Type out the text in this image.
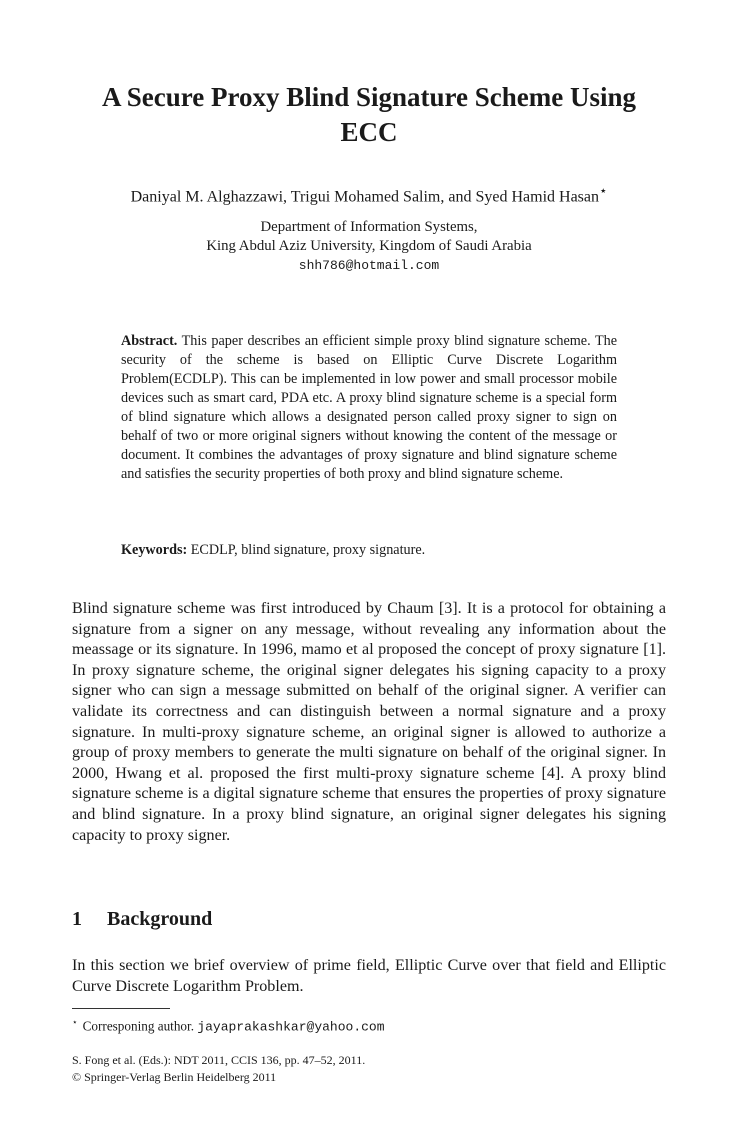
A Secure Proxy Blind Signature Scheme Using
ECC
Daniyal M. Alghazzawi, Trigui Mohamed Salim, and Syed Hamid Hasan⋆
Department of Information Systems,
King Abdul Aziz University, Kingdom of Saudi Arabia
shh786@hotmail.com
Abstract. This paper describes an efficient simple proxy blind signature scheme. The security of the scheme is based on Elliptic Curve Discrete Logarithm Problem(ECDLP). This can be implemented in low power and small processor mobile devices such as smart card, PDA etc. A proxy blind signature scheme is a special form of blind signature which allows a designated person called proxy signer to sign on behalf of two or more original signers without knowing the content of the message or document. It combines the advantages of proxy signature and blind signature scheme and satisfies the security properties of both proxy and blind signature scheme.
Keywords: ECDLP, blind signature, proxy signature.
Blind signature scheme was first introduced by Chaum [3]. It is a protocol for obtaining a signature from a signer on any message, without revealing any information about the meassage or its signature. In 1996, mamo et al proposed the concept of proxy signature [1]. In proxy signature scheme, the original signer delegates his signing capacity to a proxy signer who can sign a message submitted on behalf of the original signer. A verifier can validate its correctness and can distinguish between a normal signature and a proxy signature. In multi-proxy signature scheme, an original signer is allowed to authorize a group of proxy members to generate the multi signature on behalf of the original signer. In 2000, Hwang et al. proposed the first multi-proxy signature scheme [4]. A proxy blind signature scheme is a digital signature scheme that ensures the properties of proxy signature and blind signature. In a proxy blind signature, an original signer delegates his signing capacity to proxy signer.
1 Background
In this section we brief overview of prime field, Elliptic Curve over that field and Elliptic Curve Discrete Logarithm Problem.
⋆ Corresponing author. jayaprakashkar@yahoo.com
S. Fong et al. (Eds.): NDT 2011, CCIS 136, pp. 47–52, 2011.
© Springer-Verlag Berlin Heidelberg 2011
